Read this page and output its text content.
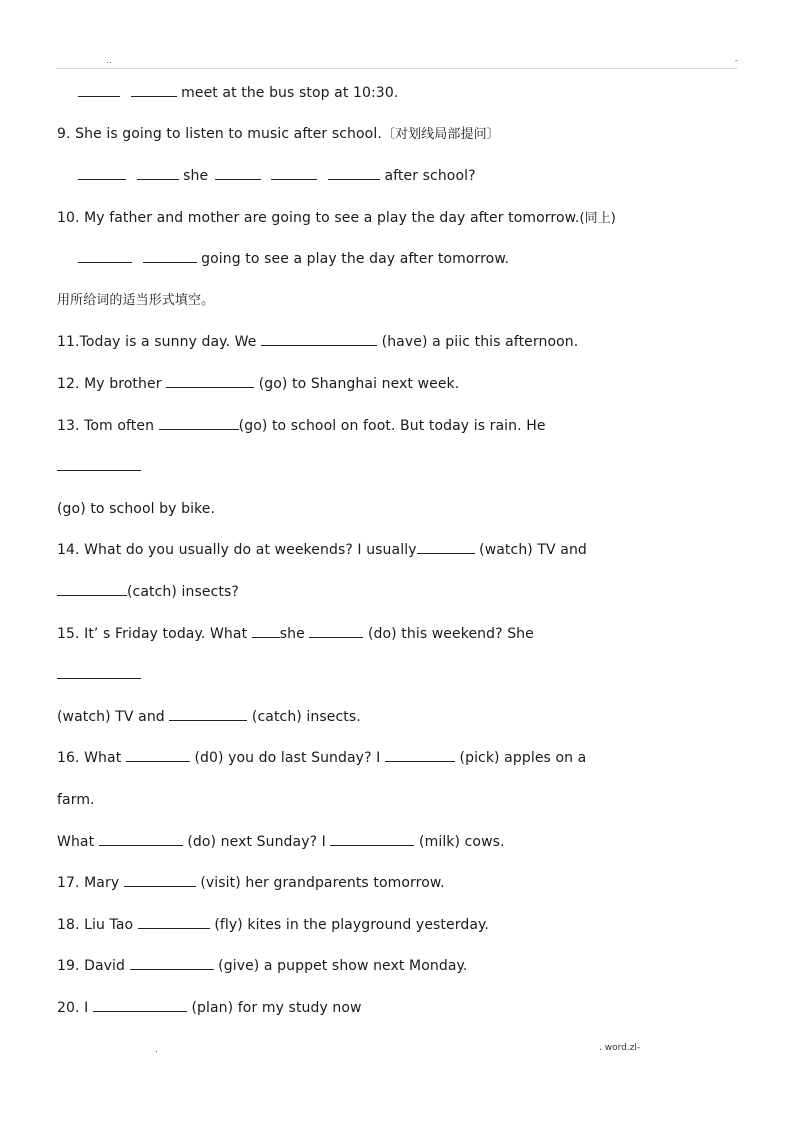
..	-
meet at the bus stop at 10:30.
9. She is going to listen to music after school.〔对划线局部提问〕
she	after school?
10. My father and mother are going to see a play the day after tomorrow.(同上)
going to see a play the day after tomorrow.
用所给词的适当形式填空。
11.Today is a sunny day. We	(have) a piic this afternoon.
12. My brother	(go) to Shanghai next week.
13. Tom often	(go) to school on foot. But today is rain. He
(go) to school by bike.
14. What do you usually do at weekends? I usually	(watch) TV and
(catch) insects?
15. It’ s Friday today. What she	(do) this weekend? She
(watch) TV and	(catch) insects.
16. What	(d0) you do last Sunday? I	(pick) apples on a
farm.
What	(do) next Sunday? I	(milk) cows.
17. Mary	(visit) her grandparents tomorrow.
18. Liu Tao	(fly) kites in the playground yesterday.
19. David	(give) a puppet show next Monday.
20. I	(plan) for my study now
.	. word.zl-
